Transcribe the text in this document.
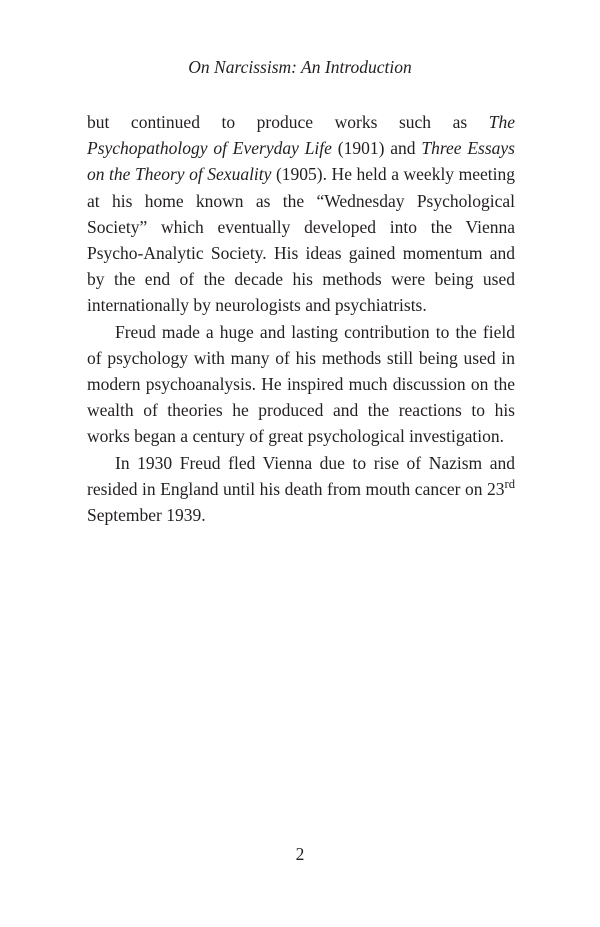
On Narcissism: An Introduction

but continued to produce works such as The Psychopathology of Everyday Life (1901) and Three Essays on the Theory of Sexuality (1905). He held a weekly meeting at his home known as the “Wednesday Psychological Society” which eventually developed into the Vienna Psycho-Analytic Society. His ideas gained momentum and by the end of the decade his methods were being used internationally by neurologists and psychiatrists.

Freud made a huge and lasting contribution to the field of psychology with many of his methods still being used in modern psychoanalysis. He inspired much discussion on the wealth of theories he produced and the reactions to his works began a century of great psychological investigation.

In 1930 Freud fled Vienna due to rise of Nazism and resided in England until his death from mouth cancer on 23rd September 1939.

2
